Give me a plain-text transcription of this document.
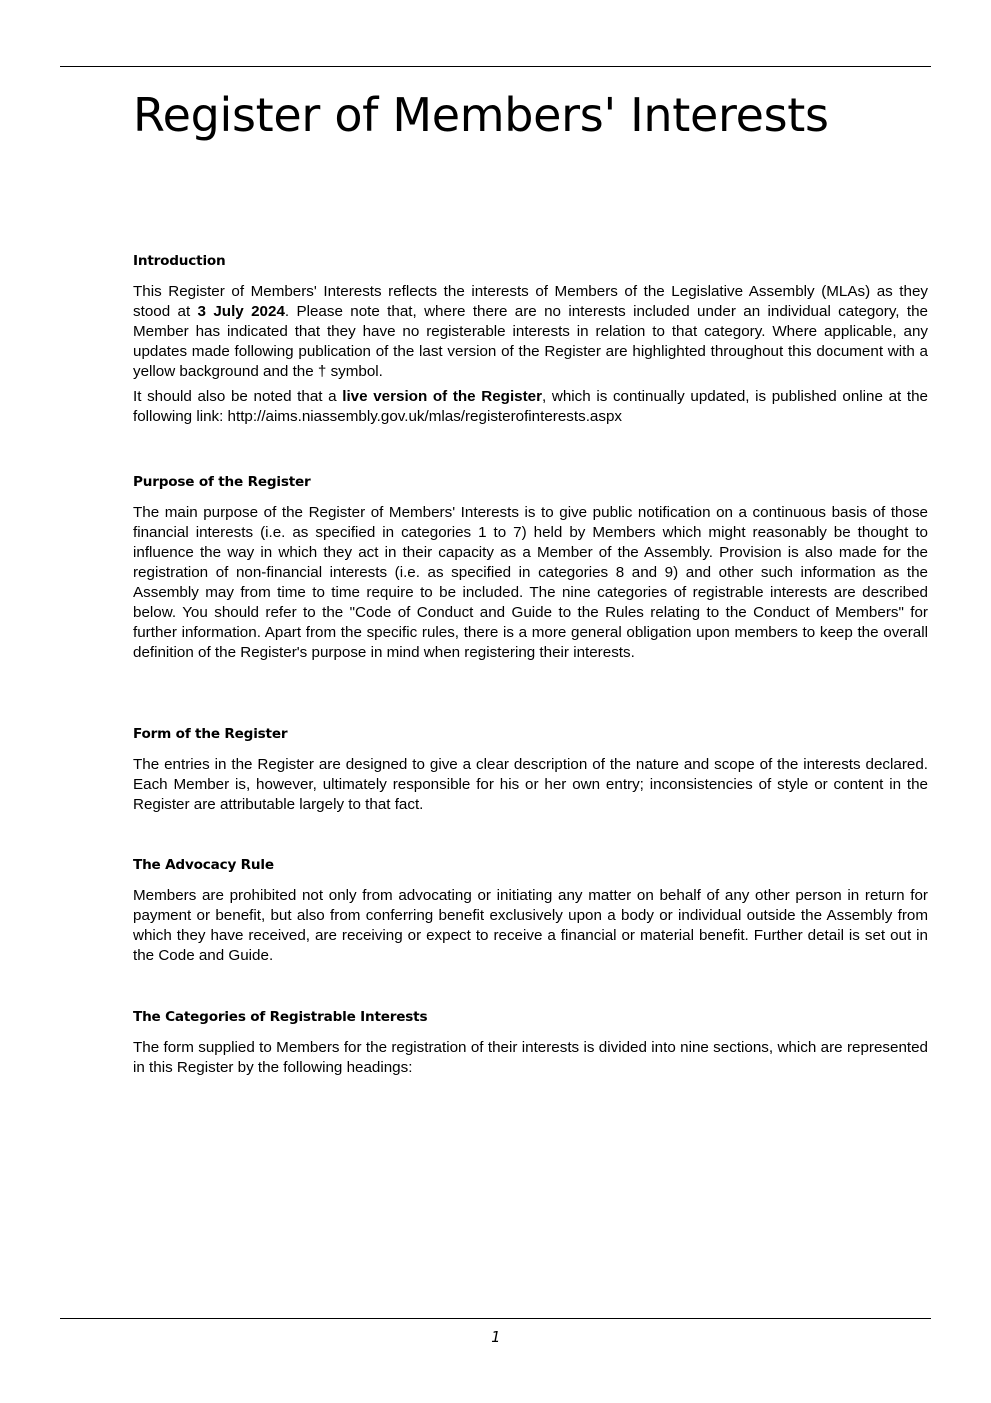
Register of Members' Interests
Introduction

This Register of Members' Interests reflects the interests of Members of the Legislative Assembly (MLAs) as they stood at 3 July 2024. Please note that, where there are no interests included under an individual category, the Member has indicated that they have no registerable interests in relation to that category. Where applicable, any updates made following publication of the last version of the Register are highlighted throughout this document with a yellow background and the † symbol.

It should also be noted that a live version of the Register, which is continually updated, is published online at the following link: http://aims.niassembly.gov.uk/mlas/registerofinterests.aspx

Purpose of the Register

The main purpose of the Register of Members' Interests is to give public notification on a continuous basis of those financial interests (i.e. as specified in categories 1 to 7) held by Members which might reasonably be thought to influence the way in which they act in their capacity as a Member of the Assembly. Provision is also made for the registration of non-financial interests (i.e. as specified in categories 8 and 9) and other such information as the Assembly may from time to time require to be included. The nine categories of registrable interests are described below. You should refer to the "Code of Conduct and Guide to the Rules relating to the Conduct of Members" for further information. Apart from the specific rules, there is a more general obligation upon members to keep the overall definition of the Register's purpose in mind when registering their interests.

Form of the Register

The entries in the Register are designed to give a clear description of the nature and scope of the interests declared. Each Member is, however, ultimately responsible for his or her own entry; inconsistencies of style or content in the Register are attributable largely to that fact.

The Advocacy Rule

Members are prohibited not only from advocating or initiating any matter on behalf of any other person in return for payment or benefit, but also from conferring benefit exclusively upon a body or individual outside the Assembly from which they have received, are receiving or expect to receive a financial or material benefit. Further detail is set out in the Code and Guide.

The Categories of Registrable Interests

The form supplied to Members for the registration of their interests is divided into nine sections, which are represented in this Register by the following headings:

1
